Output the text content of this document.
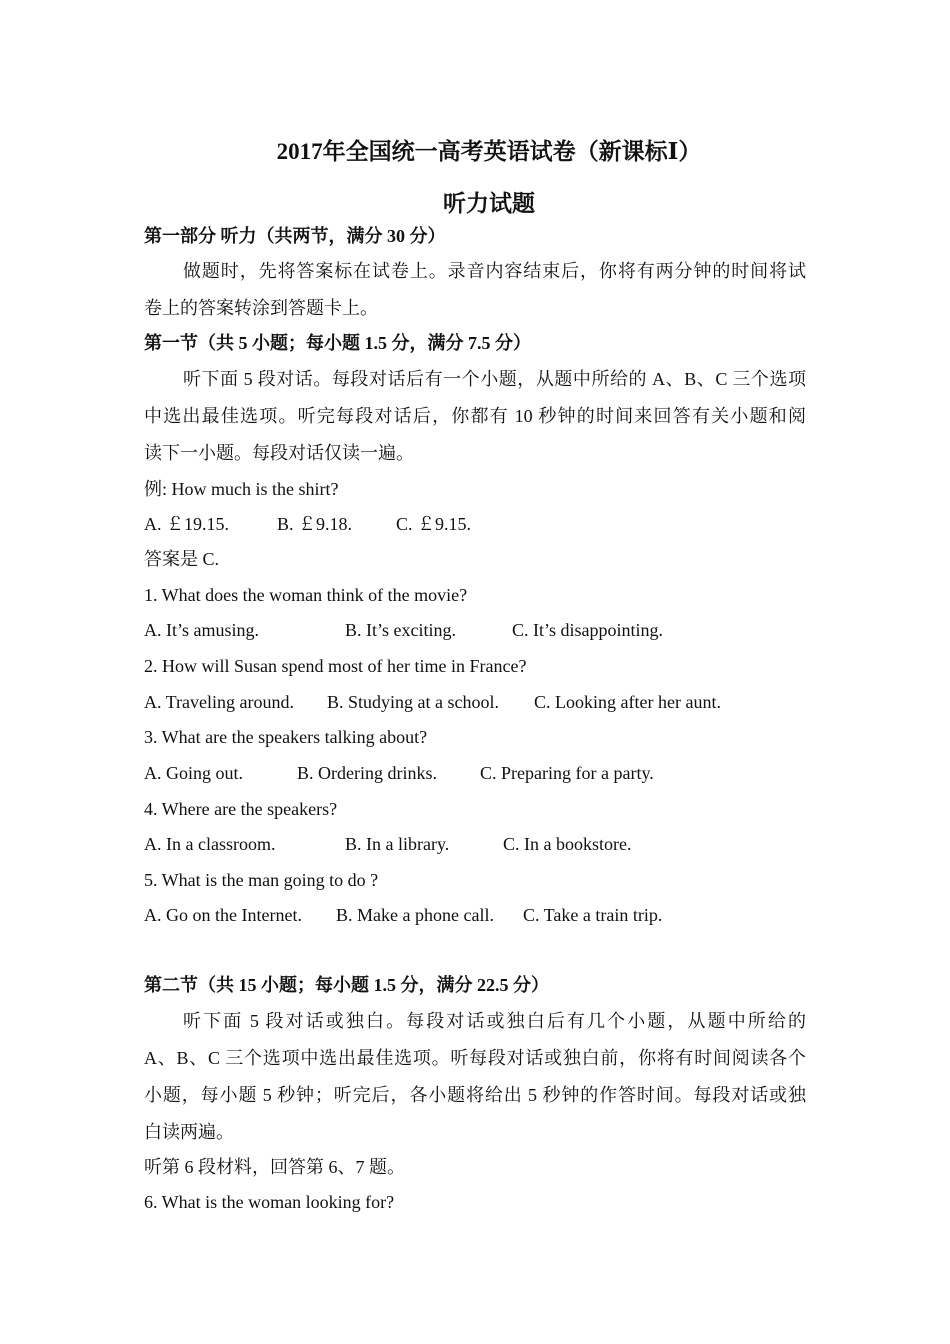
2017年全国统一高考英语试卷（新课标Ⅰ）
听力试题
第一部分 听力（共两节，满分 30 分）
做题时，先将答案标在试卷上。录音内容结束后，你将有两分钟的时间将试
卷上的答案转涂到答题卡上。
第一节（共 5 小题；每小题 1.5 分，满分 7.5 分）
听下面 5 段对话。每段对话后有一个小题，从题中所给的 A、B、C 三个选项
中选出最佳选项。听完每段对话后，你都有 10 秒钟的时间来回答有关小题和阅
读下一小题。每段对话仅读一遍。
例: How much is the shirt?
A. ￡19.15.	B. ￡9.18. C. ￡9.15.
答案是 C.
1. What does the woman think of the movie?
A. It’s amusing.	B. It’s exciting.	C. It’s disappointing.
2. How will Susan spend most of her time in France?
A. Traveling around. B. Studying at a school. C. Looking after her aunt.
3. What are the speakers talking about?
A. Going out.	B. Ordering drinks. C. Preparing for a party.
4. Where are the speakers?
A. In a classroom.	B. In a library.	C. In a bookstore.
5. What is the man going to do ?
A. Go on the Internet. B. Make a phone call. C. Take a train trip.
第二节（共 15 小题；每小题 1.5 分，满分 22.5 分）
听下面 5 段对话或独白。每段对话或独白后有几个小题，从题中所给的
A、B、C 三个选项中选出最佳选项。听每段对话或独白前，你将有时间阅读各个
小题，每小题 5 秒钟；听完后，各小题将给出 5 秒钟的作答时间。每段对话或独
白读两遍。
听第 6 段材料，回答第 6、7 题。
6. What is the woman looking for?
